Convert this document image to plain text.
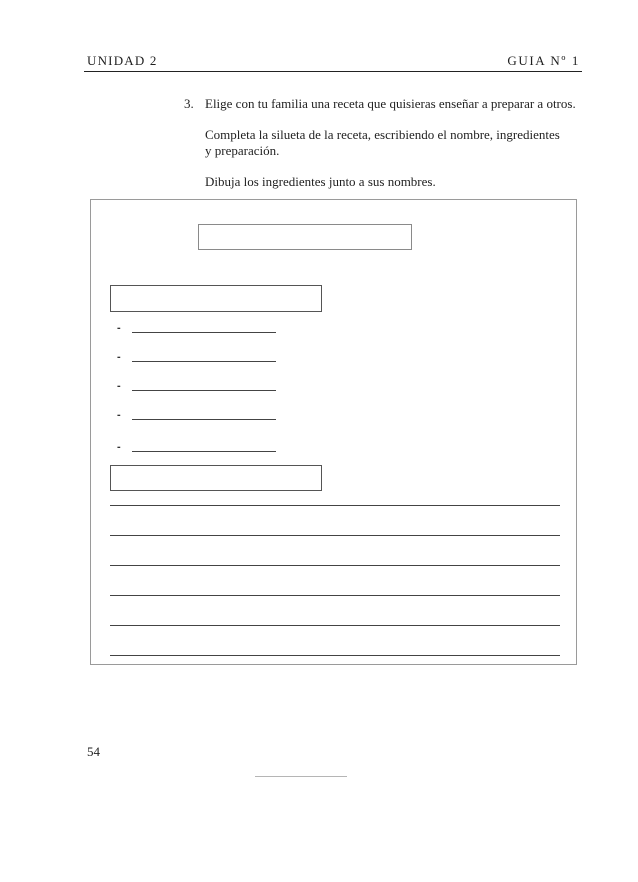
UNIDAD 2	GUIA Nº 1
3. Elige con tu familia una receta que quisieras enseñar a preparar a otros.
Completa la silueta de la receta, escribiendo el nombre, ingredientes y preparación.
Dibuja los ingredientes junto a sus nombres.
-
-
-
-
-
54
